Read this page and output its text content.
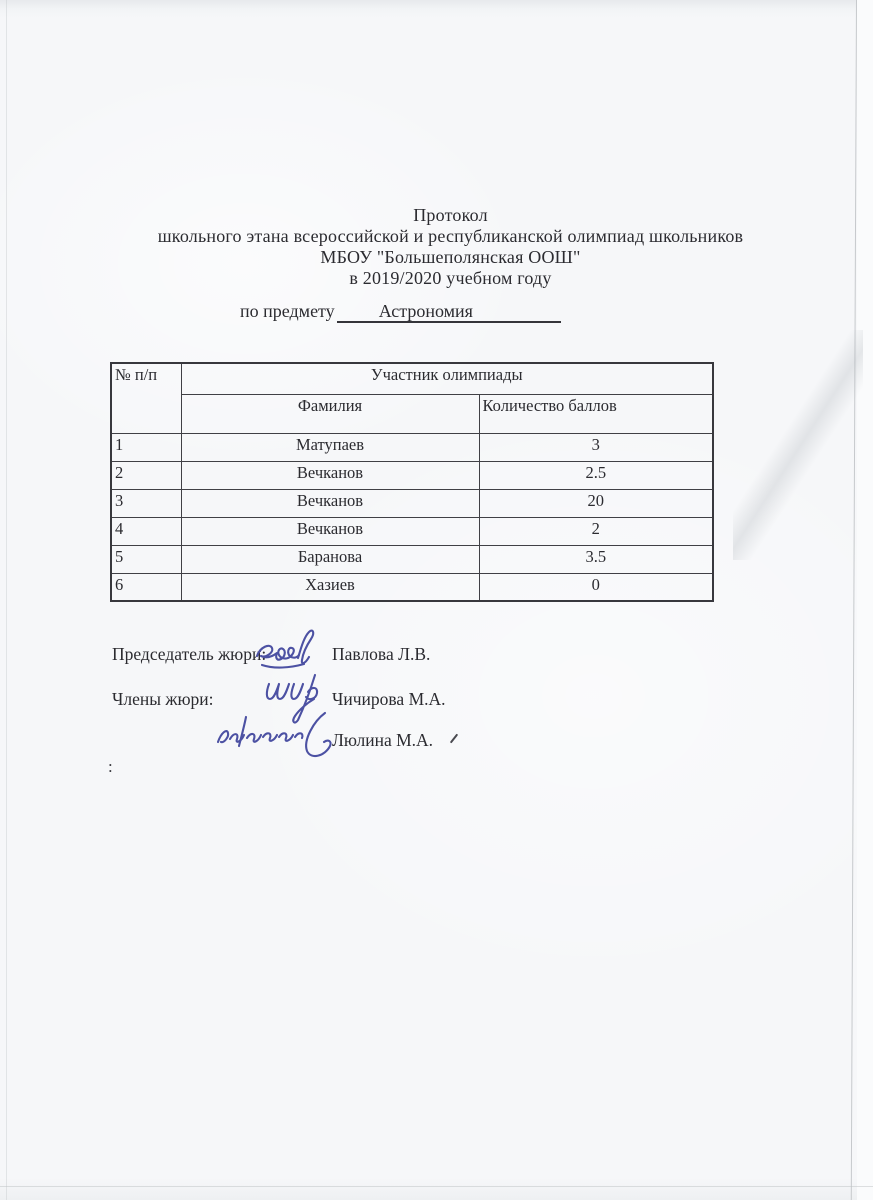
Протокол
школьного этана всероссийской и республиканской олимпиад школьников
МБОУ "Большеполянская ООШ"
в 2019/2020 учебном году
по предмету Астрономия
№ п/п	Участник олимпиады	
	Фамилия	Количество баллов
1	Матупаев	3
2	Вечканов	2.5
3	Вечканов	20
4	Вечканов	2
5	Баранова	3.5
6	Хазиев	0
Председатель жюри:	Павлова Л.В.
Члены жюри:	Чичирова М.А.
Люлина М.А.
:
